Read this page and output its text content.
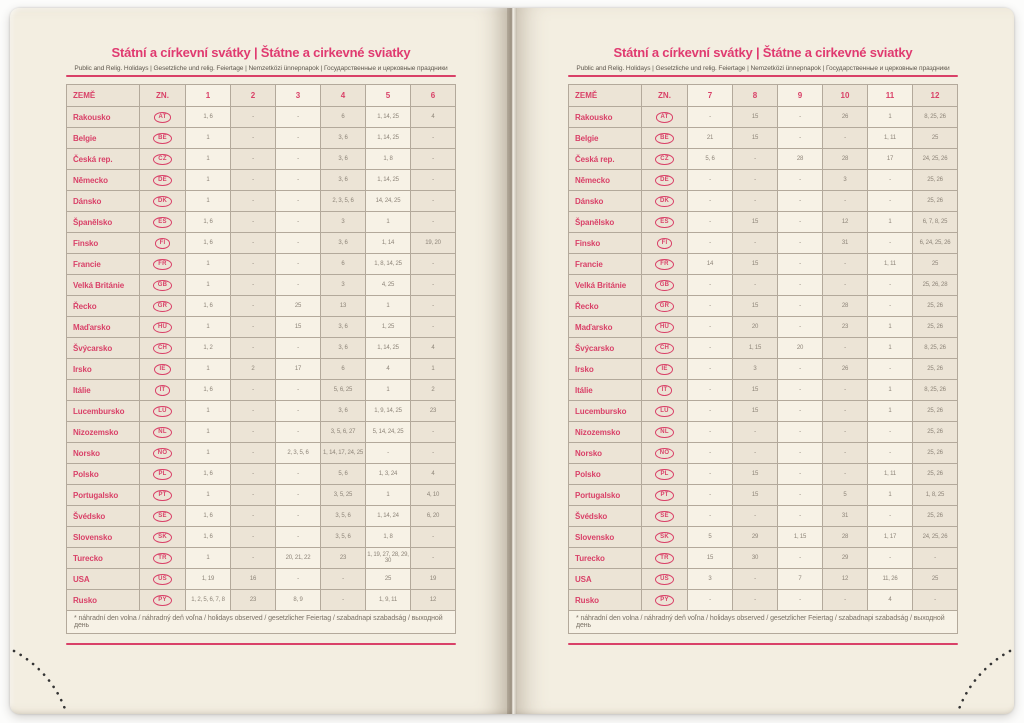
Státní a církevní svátky | Štátne a cirkevné sviatky
Public and Relig. Holidays | Gesetzliche und relig. Feiertage | Nemzetközi ünnepnapok | Государственные и церковные праздники
ZEMĚ	ZN.	1	2	3	4	5	6
Rakousko	AT	1, 6	-	-	6	1, 14, 25	4
Belgie	BE	1	-	-	3, 6	1, 14, 25	-
Česká rep.	CZ	1	-	-	3, 6	1, 8	-
Německo	DE	1	-	-	3, 6	1, 14, 25	-
Dánsko	DK	1	-	-	2, 3, 5, 6	14, 24, 25	-
Španělsko	ES	1, 6	-	-	3	1	-
Finsko	FI	1, 6	-	-	3, 6	1, 14	19, 20
Francie	FR	1	-	-	6	1, 8, 14, 25	-
Velká Británie	GB	1	-	-	3	4, 25	-
Řecko	GR	1, 6	-	25	13	1	-
Maďarsko	HU	1	-	15	3, 6	1, 25	-
Švýcarsko	CH	1, 2	-	-	3, 6	1, 14, 25	4
Irsko	IE	1	2	17	6	4	1
Itálie	IT	1, 6	-	-	5, 6, 25	1	2
Lucembursko	LU	1	-	-	3, 6	1, 9, 14, 25	23
Nizozemsko	NL	1	-	-	3, 5, 6, 27	5, 14, 24, 25	-
Norsko	NO	1	-	2, 3, 5, 6	1, 14, 17, 24, 25	-	-
Polsko	PL	1, 6	-	-	5, 6	1, 3, 24	4
Portugalsko	PT	1	-	-	3, 5, 25	1	4, 10
Švédsko	SE	1, 6	-	-	3, 5, 6	1, 14, 24	6, 20
Slovensko	SK	1, 6	-	-	3, 5, 6	1, 8	-
Turecko	TR	1	-	20, 21, 22	23	1, 19, 27, 28, 29, 30	-
USA	US	1, 19	16	-	-	25	19
Rusko	PY	1, 2, 5, 6, 7, 8	23	8, 9	-	1, 9, 11	12
* náhradní den volna / náhradný deň voľna / holidays observed / gesetzlicher Feiertag / szabadnapi szabadság / выходной день							
Státní a církevní svátky | Štátne a cirkevné sviatky
Public and Relig. Holidays | Gesetzliche und relig. Feiertage | Nemzetközi ünnepnapok | Государственные и церковные праздники
ZEMĚ	ZN.	7	8	9	10	11	12
Rakousko	AT	-	15	-	26	1	8, 25, 26
Belgie	BE	21	15	-	-	1, 11	25
Česká rep.	CZ	5, 6	-	28	28	17	24, 25, 26
Německo	DE	-	-	-	3	-	25, 26
Dánsko	DK	-	-	-	-	-	25, 26
Španělsko	ES	-	15	-	12	1	6, 7, 8, 25
Finsko	FI	-	-	-	31	-	6, 24, 25, 26
Francie	FR	14	15	-	-	1, 11	25
Velká Británie	GB	-	-	-	-	-	25, 26, 28
Řecko	GR	-	15	-	28	-	25, 26
Maďarsko	HU	-	20	-	23	1	25, 26
Švýcarsko	CH	-	1, 15	20	-	1	8, 25, 26
Irsko	IE	-	3	-	26	-	25, 26
Itálie	IT	-	15	-	-	1	8, 25, 26
Lucembursko	LU	-	15	-	-	1	25, 26
Nizozemsko	NL	-	-	-	-	-	25, 26
Norsko	NO	-	-	-	-	-	25, 26
Polsko	PL	-	15	-	-	1, 11	25, 26
Portugalsko	PT	-	15	-	5	1	1, 8, 25
Švédsko	SE	-	-	-	31	-	25, 26
Slovensko	SK	5	29	1, 15	28	1, 17	24, 25, 26
Turecko	TR	15	30	-	29	-	-
USA	US	3	-	7	12	11, 26	25
Rusko	PY	-	-	-	-	4	-
* náhradní den volna / náhradný deň voľna / holidays observed / gesetzlicher Feiertag / szabadnapi szabadság / выходной день							
